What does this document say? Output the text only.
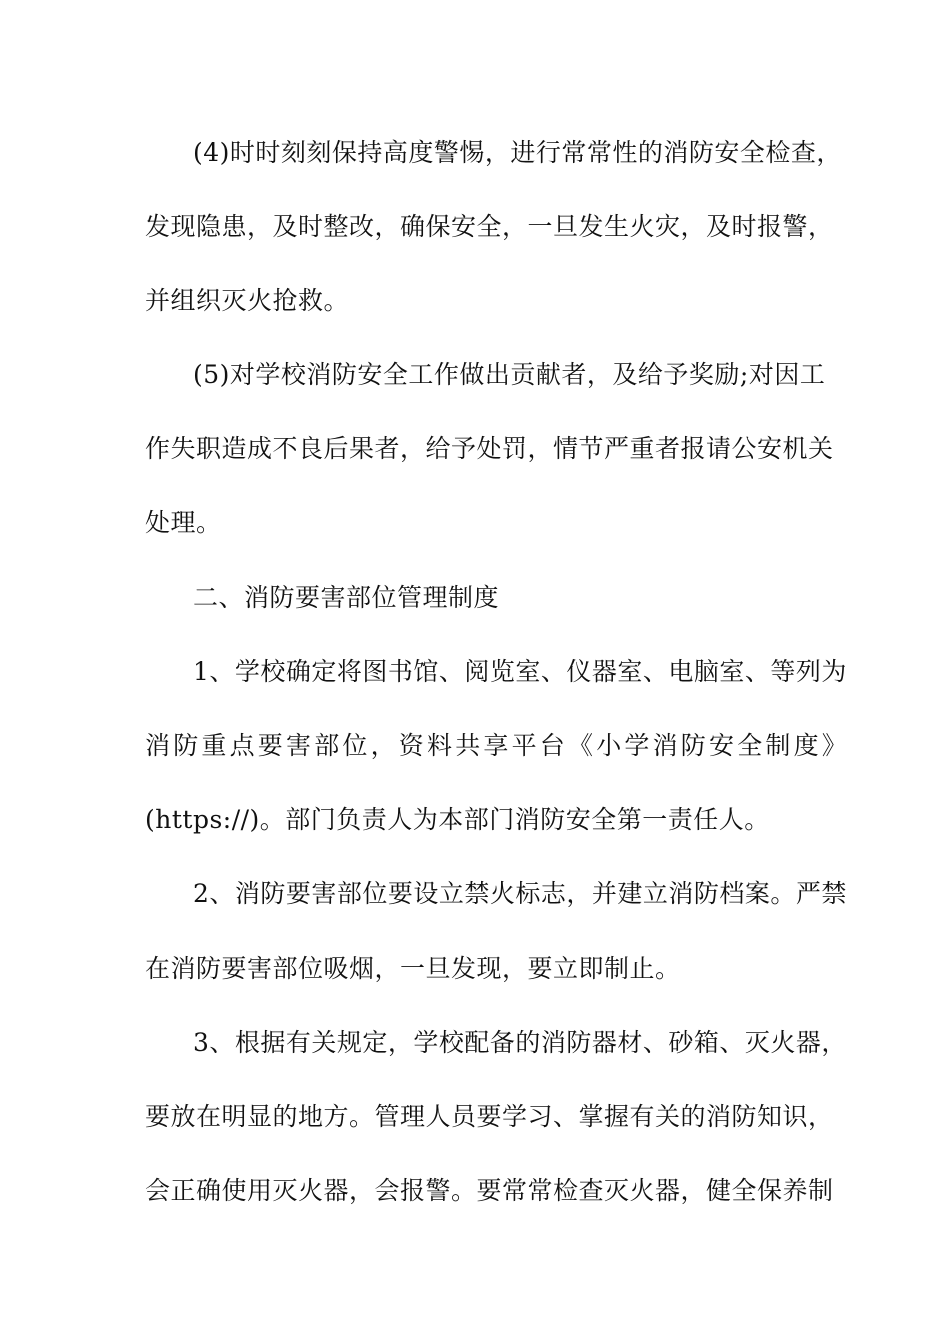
(4)时时刻刻保持高度警惕，进行常常性的消防安全检查，
发现隐患，及时整改，确保安全，一旦发生火灾，及时报警，
并组织灭火抢救。
(5)对学校消防安全工作做出贡献者，及给予奖励;对因工
作失职造成不良后果者，给予处罚，情节严重者报请公安机关
处理。
二、消防要害部位管理制度
1、学校确定将图书馆、阅览室、仪器室、电脑室、等列为
消防重点要害部位，资料共享平台《小学消防安全制度》
(https://)。部门负责人为本部门消防安全第一责任人。
2、消防要害部位要设立禁火标志，并建立消防档案。严禁
在消防要害部位吸烟，一旦发现，要立即制止。
3、根据有关规定，学校配备的消防器材、砂箱、灭火器，
要放在明显的地方。管理人员要学习、掌握有关的消防知识，
会正确使用灭火器，会报警。要常常检查灭火器，健全保养制
